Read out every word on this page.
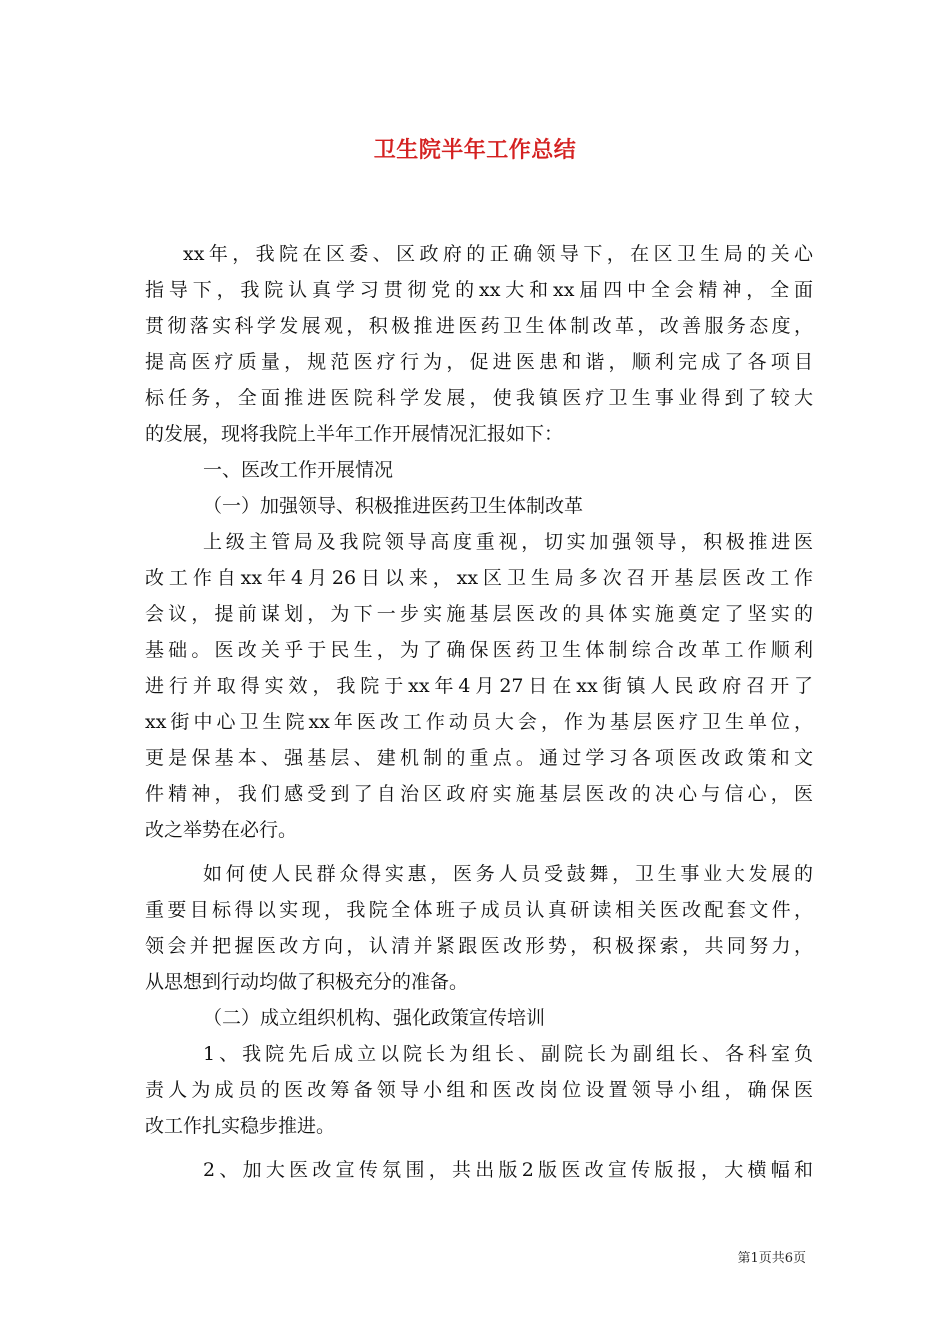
卫生院半年工作总结
xx年，我院在区委、区政府的正确领导下，在区卫生局的关心
指导下，我院认真学习贯彻党的xx大和xx届四中全会精神，全面
贯彻落实科学发展观，积极推进医药卫生体制改革，改善服务态度，
提高医疗质量，规范医疗行为，促进医患和谐，顺利完成了各项目
标任务，全面推进医院科学发展，使我镇医疗卫生事业得到了较大
的发展，现将我院上半年工作开展情况汇报如下：
一、医改工作开展情况
（一）加强领导、积极推进医药卫生体制改革
上级主管局及我院领导高度重视，切实加强领导，积极推进医
改工作自xx年4月26日以来，xx区卫生局多次召开基层医改工作
会议，提前谋划，为下一步实施基层医改的具体实施奠定了坚实的
基础。医改关乎于民生，为了确保医药卫生体制综合改革工作顺利
进行并取得实效，我院于xx年4月27日在xx街镇人民政府召开了
xx街中心卫生院xx年医改工作动员大会，作为基层医疗卫生单位，
更是保基本、强基层、建机制的重点。通过学习各项医改政策和文
件精神，我们感受到了自治区政府实施基层医改的决心与信心，医
改之举势在必行。
如何使人民群众得实惠，医务人员受鼓舞，卫生事业大发展的
重要目标得以实现，我院全体班子成员认真研读相关医改配套文件，
领会并把握医改方向，认清并紧跟医改形势，积极探索，共同努力，
从思想到行动均做了积极充分的准备。
（二）成立组织机构、强化政策宣传培训
1、我院先后成立以院长为组长、副院长为副组长、各科室负
责人为成员的医改筹备领导小组和医改岗位设置领导小组，确保医
改工作扎实稳步推进。
2、加大医改宣传氛围，共出版2版医改宣传版报，大横幅和
第1页共6页
